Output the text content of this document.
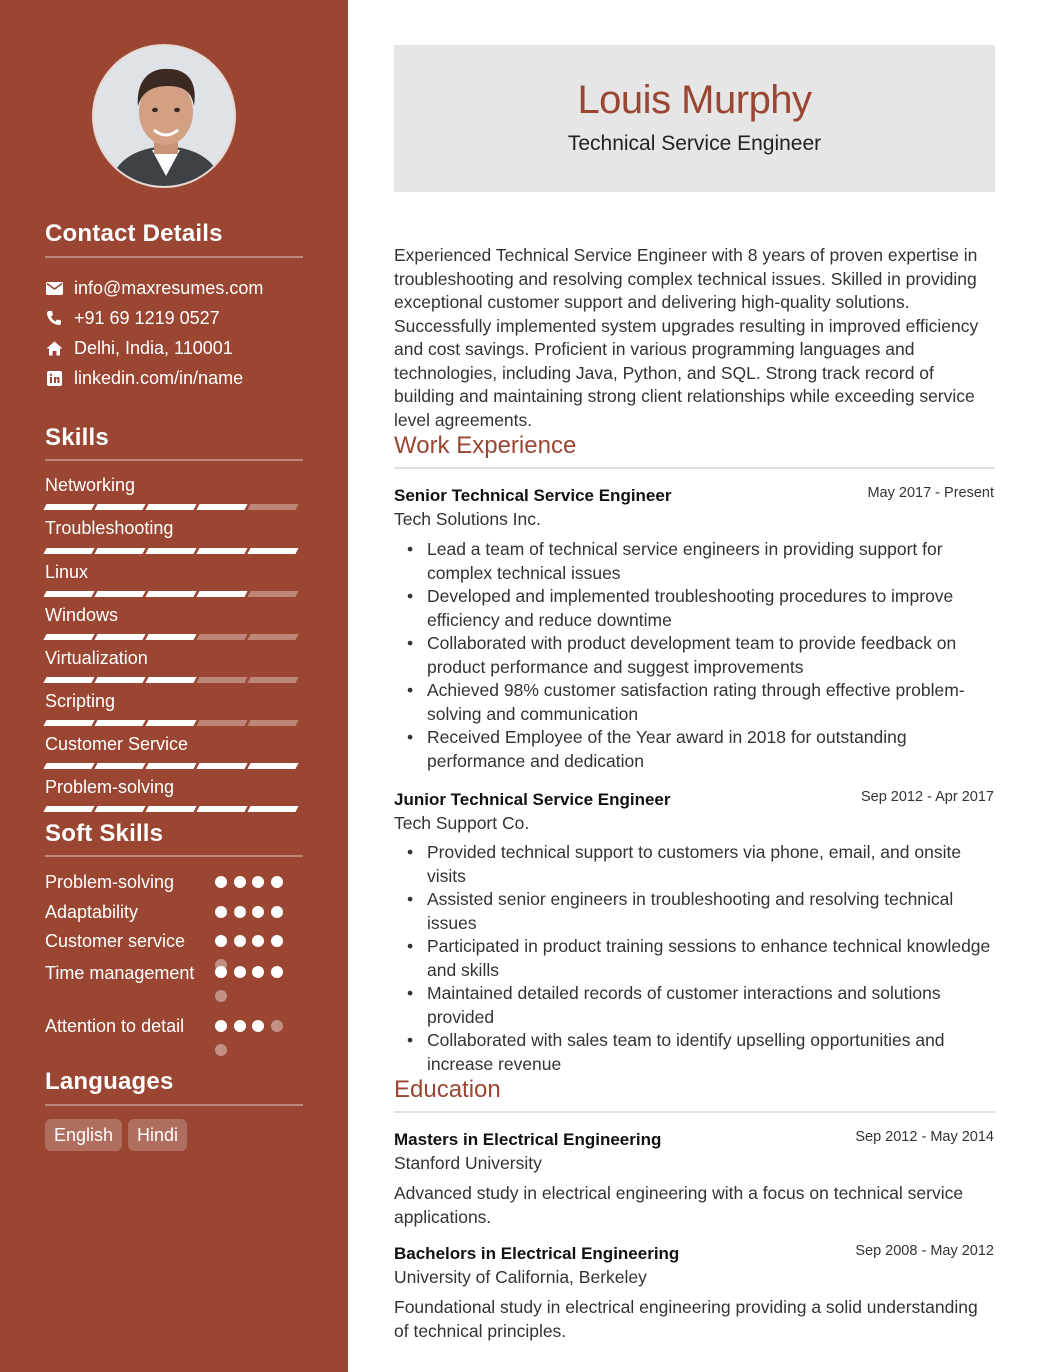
Contact Details
info@maxresumes.com
+91 69 1219 0527
Delhi, India, 110001
linkedin.com/in/name
Skills
Networking
Troubleshooting
Linux
Windows
Virtualization
Scripting
Customer Service
Problem-solving
Soft Skills
Problem-solving
Adaptability
Customer service
Time management
Attention to detail
Languages
English	Hindi
Louis Murphy
Technical Service Engineer
Experienced Technical Service Engineer with 8 years of proven expertise in troubleshooting and resolving complex technical issues. Skilled in providing exceptional customer support and delivering high-quality solutions. Successfully implemented system upgrades resulting in improved efficiency and cost savings. Proficient in various programming languages and technologies, including Java, Python, and SQL. Strong track record of building and maintaining strong client relationships while exceeding service level agreements.
Work Experience
Senior Technical Service Engineer	May 2017 - Present
Tech Solutions Inc.
• Lead a team of technical service engineers in providing support for complex technical issues
• Developed and implemented troubleshooting procedures to improve efficiency and reduce downtime
• Collaborated with product development team to provide feedback on product performance and suggest improvements
• Achieved 98% customer satisfaction rating through effective problem-solving and communication
• Received Employee of the Year award in 2018 for outstanding performance and dedication
Junior Technical Service Engineer	Sep 2012 - Apr 2017
Tech Support Co.
• Provided technical support to customers via phone, email, and onsite visits
• Assisted senior engineers in troubleshooting and resolving technical issues
• Participated in product training sessions to enhance technical knowledge and skills
• Maintained detailed records of customer interactions and solutions provided
• Collaborated with sales team to identify upselling opportunities and increase revenue
Education
Masters in Electrical Engineering	Sep 2012 - May 2014
Stanford University
Advanced study in electrical engineering with a focus on technical service applications.
Bachelors in Electrical Engineering	Sep 2008 - May 2012
University of California, Berkeley
Foundational study in electrical engineering providing a solid understanding of technical principles.
